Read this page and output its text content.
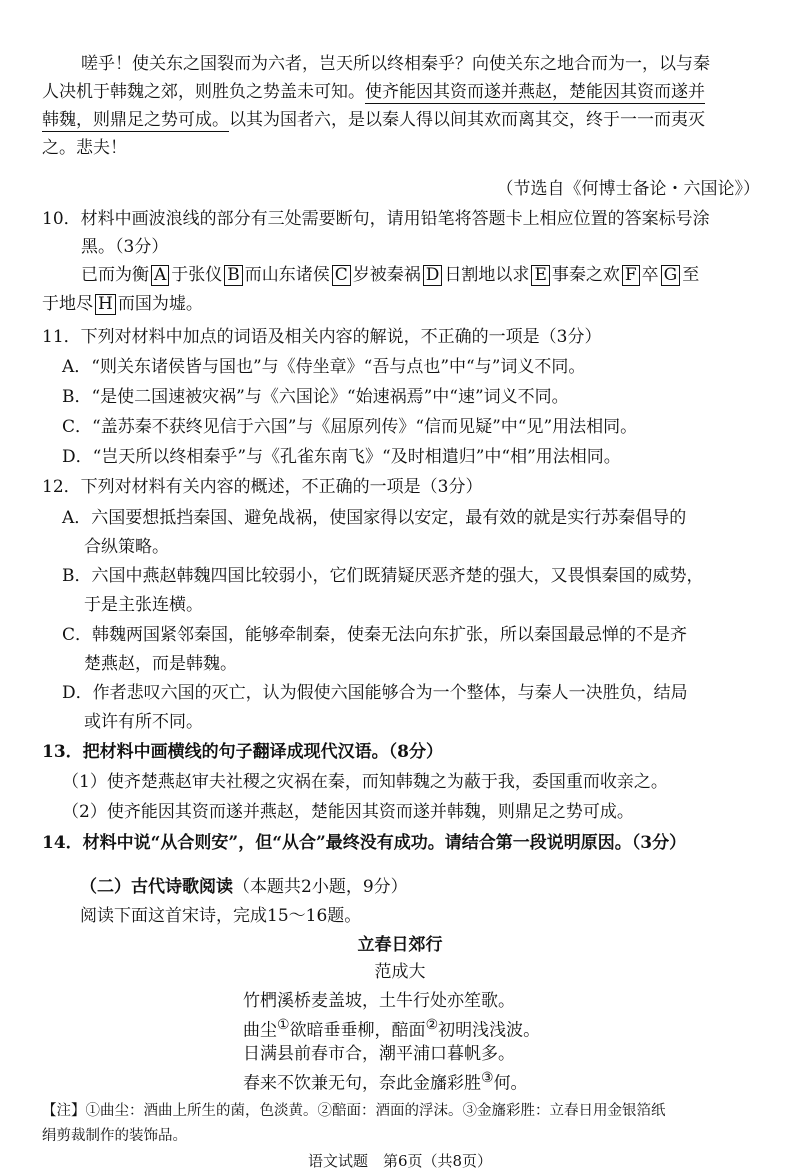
嗟乎！使关东之国裂而为六者，岂天所以终相秦乎？向使关东之地合而为一，以与秦
人决机于韩魏之郊，则胜负之势盖未可知。使齐能因其资而遂并燕赵，楚能因其资而遂并
韩魏，则鼎足之势可成。以其为国者六，是以秦人得以间其欢而离其交，终于一一而夷灭
之。悲夫！
（节选自《何博士备论・六国论》）
10．材料中画波浪线的部分有三处需要断句，请用铅笔将答题卡上相应位置的答案标号涂
黑。（3分）
已而为衡 A 于张仪 B 而山东诸侯 C 岁被秦祸 D 日割地以求 E 事秦之欢 F 卒 G 至
于地尽 H 而国为墟。
11．下列对材料中加点的词语及相关内容的解说，不正确的一项是（3分）
A．“则关东诸侯皆与国也”与《侍坐章》“吾与点也”中“与”词义不同。
B．“是使二国速被灾祸”与《六国论》“始速祸焉”中“速”词义不同。
C．“盖苏秦不获终见信于六国”与《屈原列传》“信而见疑”中“见”用法相同。
D．“岂天所以终相秦乎”与《孔雀东南飞》“及时相遣归”中“相”用法相同。
12．下列对材料有关内容的概述，不正确的一项是（3分）
A．六国要想抵挡秦国、避免战祸，使国家得以安定，最有效的就是实行苏秦倡导的
合纵策略。
B．六国中燕赵韩魏四国比较弱小，它们既猜疑厌恶齐楚的强大，又畏惧秦国的威势，
于是主张连横。
C．韩魏两国紧邻秦国，能够牵制秦，使秦无法向东扩张，所以秦国最忌惮的不是齐
楚燕赵，而是韩魏。
D．作者悲叹六国的灭亡，认为假使六国能够合为一个整体，与秦人一决胜负，结局
或许有所不同。
13．把材料中画横线的句子翻译成现代汉语。（8分）
（1）使齐楚燕赵审夫社稷之灾祸在秦，而知韩魏之为蔽于我，委国重而收亲之。
（2）使齐能因其资而遂并燕赵，楚能因其资而遂并韩魏，则鼎足之势可成。
14．材料中说“从合则安”，但“从合”最终没有成功。请结合第一段说明原因。（3分）
（二）古代诗歌阅读（本题共2小题，9分）
阅读下面这首宋诗，完成15～16题。
立春日郊行
范成大
竹椚溪桥麦盖坡，土牛行处亦笙歌。
曲尘①欲暗垂垂柳，醅面②初明浅浅波。
日满县前春市合，潮平浦口暮帆多。
春来不饮兼无句，奈此金旛彩胜③何。
【注】①曲尘：酒曲上所生的菌，色淡黄。②醅面：酒面的浮沫。③金旛彩胜：立春日用金银箔纸
绢剪裁制作的装饰品。
语文试题　第6页（共8页）
